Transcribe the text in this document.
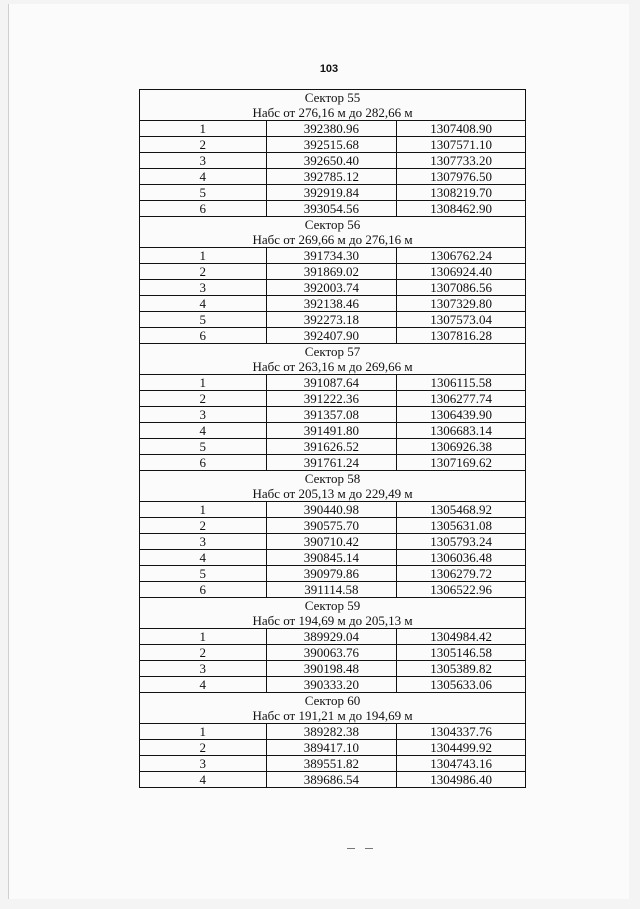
103
Сектор 55
Набс от 276,16 м до 282,66 м		

1	392380.96	1307408.90
2	392515.68	1307571.10
3	392650.40	1307733.20
4	392785.12	1307976.50
5	392919.84	1308219.70
6	393054.56	1308462.90

Сектор 56
Набс от 269,66 м до 276,16 м		

1	391734.30	1306762.24
2	391869.02	1306924.40
3	392003.74	1307086.56
4	392138.46	1307329.80
5	392273.18	1307573.04
6	392407.90	1307816.28

Сектор 57
Набс от 263,16 м до 269,66 м		

1	391087.64	1306115.58
2	391222.36	1306277.74
3	391357.08	1306439.90
4	391491.80	1306683.14
5	391626.52	1306926.38
6	391761.24	1307169.62

Сектор 58
Набс от 205,13 м до 229,49 м		

1	390440.98	1305468.92
2	390575.70	1305631.08
3	390710.42	1305793.24
4	390845.14	1306036.48
5	390979.86	1306279.72
6	391114.58	1306522.96

Сектор 59
Набс от 194,69 м до 205,13 м		

1	389929.04	1304984.42
2	390063.76	1305146.58
3	390198.48	1305389.82
4	390333.20	1305633.06

Сектор 60
Набс от 191,21 м до 194,69 м		

1	389282.38	1304337.76
2	389417.10	1304499.92
3	389551.82	1304743.16
4	389686.54	1304986.40
